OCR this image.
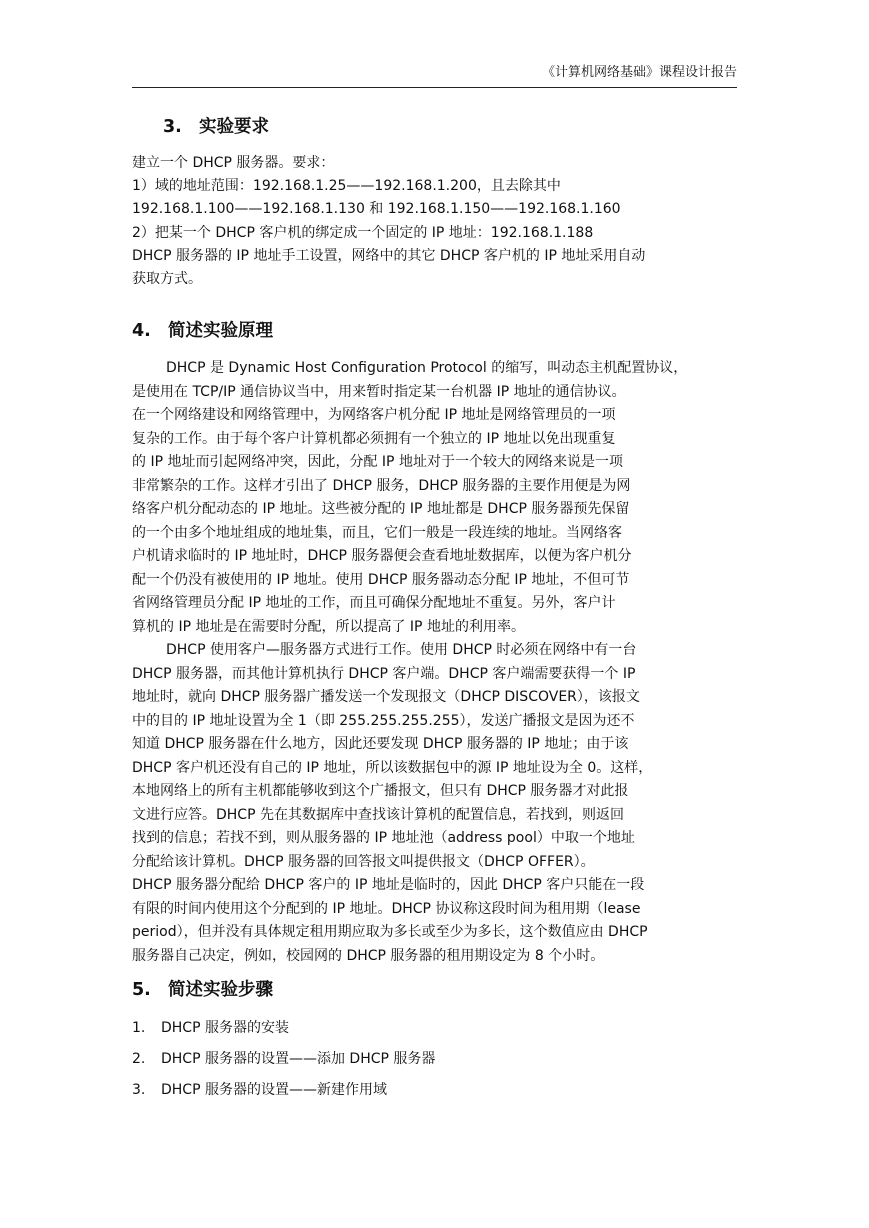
《计算机网络基础》课程设计报告
3. 实验要求
建立一个 DHCP 服务器。要求：
1）域的地址范围：192.168.1.25——192.168.1.200，且去除其中
192.168.1.100——192.168.1.130 和 192.168.1.150——192.168.1.160
2）把某一个 DHCP 客户机的绑定成一个固定的 IP 地址：192.168.1.188
DHCP 服务器的 IP 地址手工设置，网络中的其它 DHCP 客户机的 IP 地址采用自动
获取方式。
4. 简述实验原理
DHCP 是 Dynamic Host Configuration Protocol 的缩写，叫动态主机配置协议，
是使用在 TCP/IP 通信协议当中，用来暂时指定某一台机器 IP 地址的通信协议。
在一个网络建设和网络管理中，为网络客户机分配 IP 地址是网络管理员的一项
复杂的工作。由于每个客户计算机都必须拥有一个独立的 IP 地址以免出现重复
的 IP 地址而引起网络冲突，因此，分配 IP 地址对于一个较大的网络来说是一项
非常繁杂的工作。这样才引出了 DHCP 服务，DHCP 服务器的主要作用便是为网
络客户机分配动态的 IP 地址。这些被分配的 IP 地址都是 DHCP 服务器预先保留
的一个由多个地址组成的地址集，而且，它们一般是一段连续的地址。当网络客
户机请求临时的 IP 地址时，DHCP 服务器便会查看地址数据库，以便为客户机分
配一个仍没有被使用的 IP 地址。使用 DHCP 服务器动态分配 IP 地址，不但可节
省网络管理员分配 IP 地址的工作，而且可确保分配地址不重复。另外，客户计
算机的 IP 地址是在需要时分配，所以提高了 IP 地址的利用率。
DHCP 使用客户—服务器方式进行工作。使用 DHCP 时必须在网络中有一台
DHCP 服务器，而其他计算机执行 DHCP 客户端。DHCP 客户端需要获得一个 IP
地址时，就向 DHCP 服务器广播发送一个发现报文（DHCP DISCOVER），该报文
中的目的 IP 地址设置为全 1（即 255.255.255.255），发送广播报文是因为还不
知道 DHCP 服务器在什么地方，因此还要发现 DHCP 服务器的 IP 地址；由于该
DHCP 客户机还没有自己的 IP 地址，所以该数据包中的源 IP 地址设为全 0。这样，
本地网络上的所有主机都能够收到这个广播报文，但只有 DHCP 服务器才对此报
文进行应答。DHCP 先在其数据库中查找该计算机的配置信息，若找到，则返回
找到的信息；若找不到，则从服务器的 IP 地址池（address pool）中取一个地址
分配给该计算机。DHCP 服务器的回答报文叫提供报文（DHCP OFFER）。
DHCP 服务器分配给 DHCP 客户的 IP 地址是临时的，因此 DHCP 客户只能在一段
有限的时间内使用这个分配到的 IP 地址。DHCP 协议称这段时间为租用期（lease
period），但并没有具体规定租用期应取为多长或至少为多长，这个数值应由 DHCP
服务器自己决定，例如，校园网的 DHCP 服务器的租用期设定为 8 个小时。
5. 简述实验步骤
1. DHCP 服务器的安装
2. DHCP 服务器的设置——添加 DHCP 服务器
3. DHCP 服务器的设置——新建作用域
